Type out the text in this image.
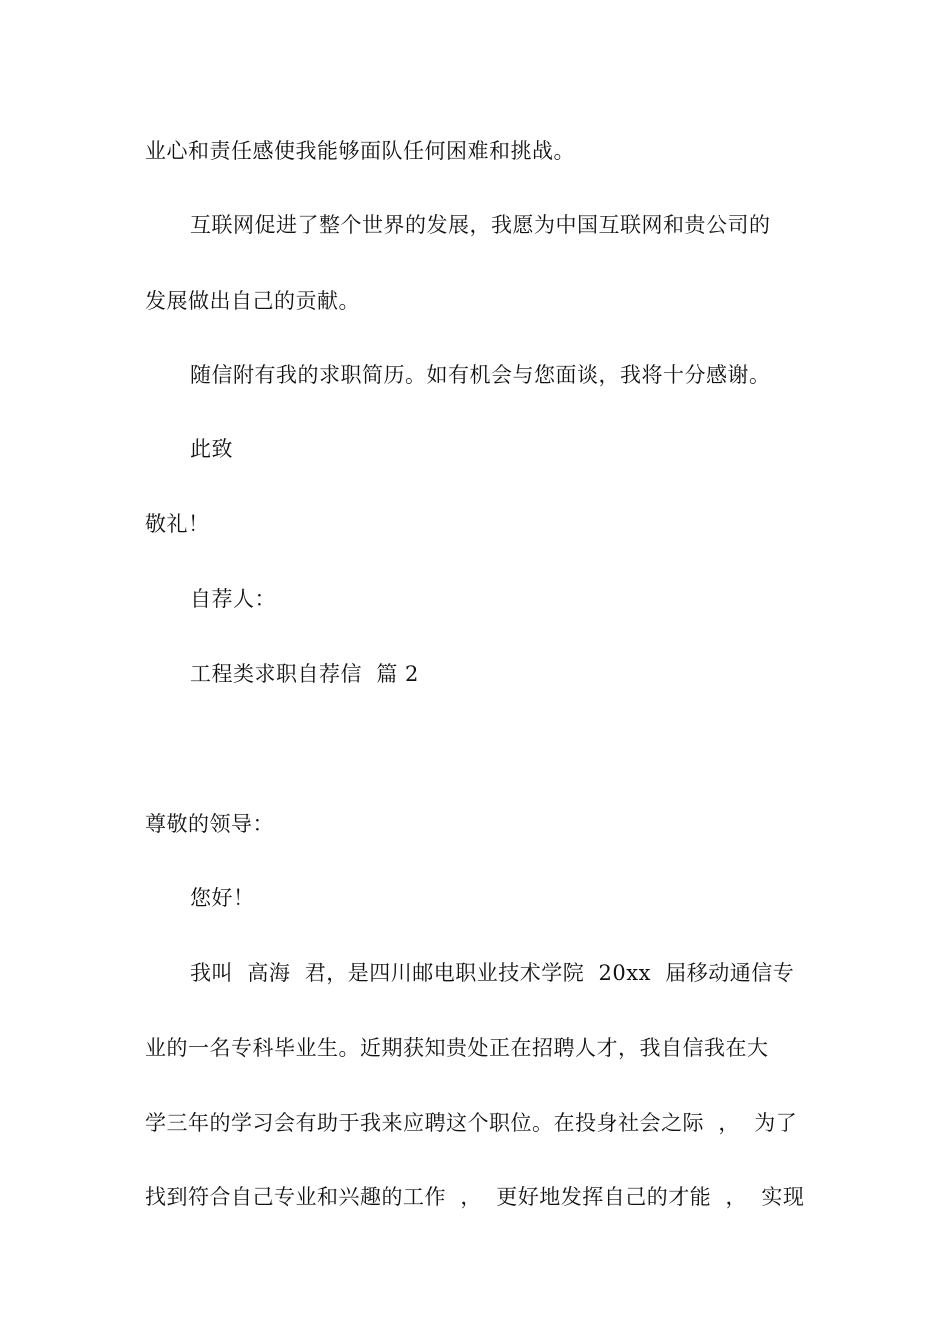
业心和责任感使我能够面队任何困难和挑战。
互联网促进了整个世界的发展，我愿为中国互联网和贵公司的
发展做出自己的贡献。
随信附有我的求职简历。如有机会与您面谈，我将十分感谢。
此致
敬礼！
自荐人：
工程类求职自荐信  篇 2
尊敬的领导：
您好！
我叫  高海  君，是四川邮电职业技术学院  20xx  届移动通信专
业的一名专科毕业生。近期获知贵处正在招聘人才，我自信我在大
学三年的学习会有助于我来应聘这个职位。在投身社会之际  ，  为了
找到符合自己专业和兴趣的工作  ，  更好地发挥自己的才能  ，  实现
